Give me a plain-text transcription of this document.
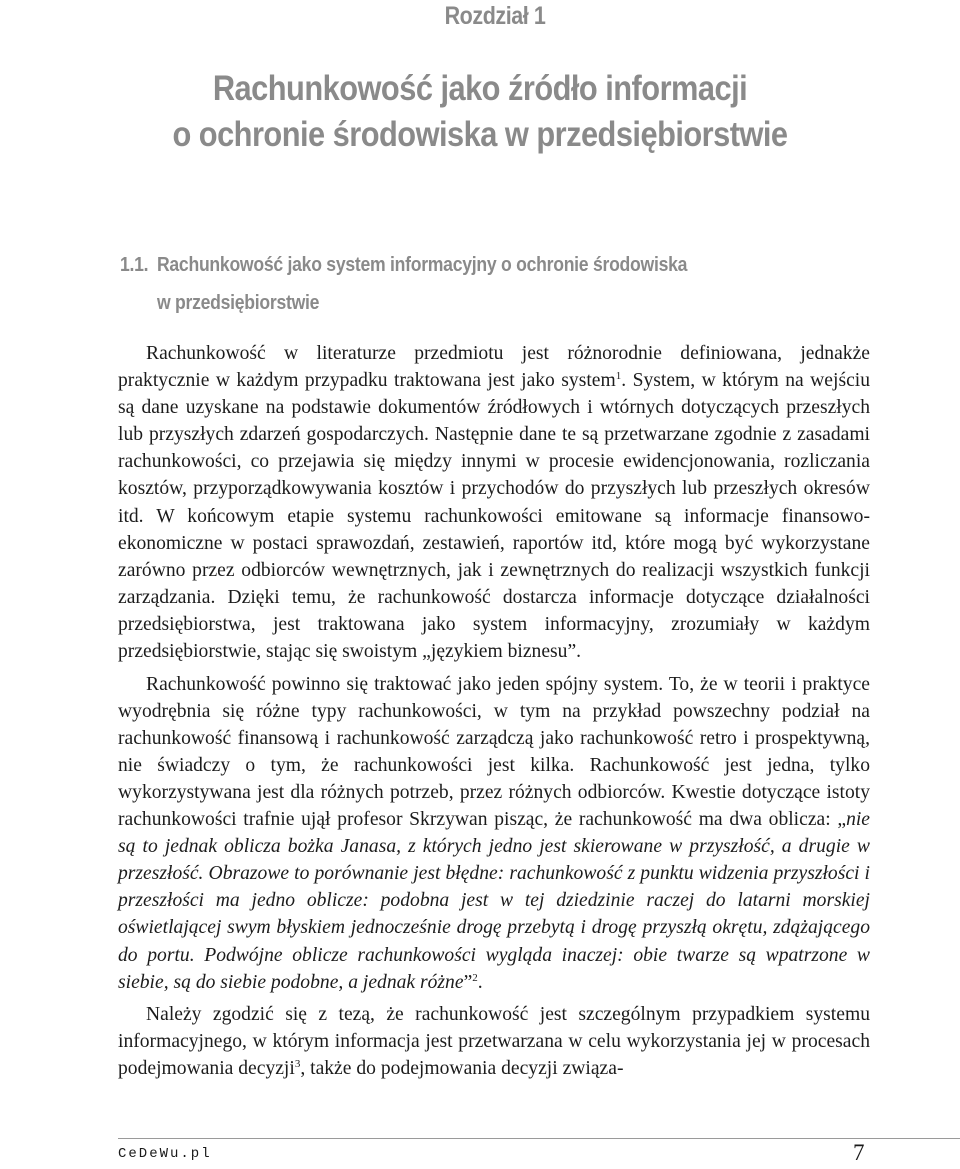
Rozdział 1
Rachunkowość jako źródło informacji
o ochronie środowiska w przedsiębiorstwie
1.1. Rachunkowość jako system informacyjny o ochronie środowiska
w przedsiębiorstwie

Rachunkowość w literaturze przedmiotu jest różnorodnie definiowana, jednakże praktycznie w każdym przypadku traktowana jest jako system$^1$. System, w którym na wejściu są dane uzyskane na podstawie dokumentów źródłowych i wtórnych dotyczących przeszłych lub przyszłych zdarzeń gospodarczych. Następnie dane te są przetwarzane zgodnie z zasadami rachunkowości, co przejawia się między innymi w procesie ewidencjonowania, rozliczania kosztów, przyporządkowywania kosztów i przychodów do przyszłych lub przeszłych okresów itd. W końcowym etapie systemu rachunkowości emitowane są informacje finansowo-ekonomiczne w postaci sprawozdań, zestawień, raportów itd, które mogą być wykorzystane zarówno przez odbiorców wewnętrznych, jak i zewnętrznych do realizacji wszystkich funkcji zarządzania. Dzięki temu, że rachunkowość dostarcza informacje dotyczące działalności przedsiębiorstwa, jest traktowana jako system informacyjny, zrozumiały w każdym przedsiębiorstwie, stając się swoistym „językiem biznesu”.

Rachunkowość powinno się traktować jako jeden spójny system. To, że w teorii i praktyce wyodrębnia się różne typy rachunkowości, w tym na przykład powszechny podział na rachunkowość finansową i rachunkowość zarządczą jako rachunkowość retro i prospektywną, nie świadczy o tym, że rachunkowości jest kilka. Rachunkowość jest jedna, tylko wykorzystywana jest dla różnych potrzeb, przez różnych odbiorców. Kwestie dotyczące istoty rachunkowości trafnie ujął profesor Skrzywan pisząc, że rachunkowość ma dwa oblicza: „nie są to jednak oblicza bożka Janasa, z których jedno jest skierowane w przyszłość, a drugie w przeszłość. Obrazowe to porównanie jest błędne: rachunkowość z punktu widzenia przyszłości i przeszłości ma jedno oblicze: podobna jest w tej dziedzinie raczej do latarni morskiej oświetlającej swym błyskiem jednocześnie drogę przebytą i drogę przyszłą okrętu, zdążającego do portu. Podwójne oblicze rachunkowości wygląda inaczej: obie twarze są wpatrzone w siebie, są do siebie podobne, a jednak różne”$^2$.

Należy zgodzić się z tezą, że rachunkowość jest szczególnym przypadkiem systemu informacyjnego, w którym informacja jest przetwarzana w celu wykorzystania jej w procesach podejmowania decyzji$^3$, także do podejmowania decyzji związa-

CeDeWu.pl	7
